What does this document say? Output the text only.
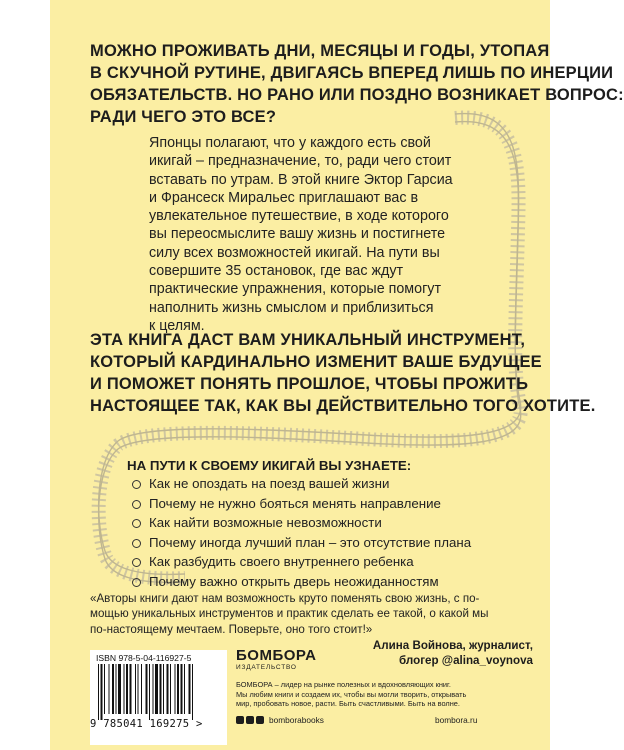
МОЖНО ПРОЖИВАТЬ ДНИ, МЕСЯЦЫ И ГОДЫ, УТОПАЯ
В СКУЧНОЙ РУТИНЕ, ДВИГАЯСЬ ВПЕРЕД ЛИШЬ ПО ИНЕРЦИИ
ОБЯЗАТЕЛЬСТВ. НО РАНО ИЛИ ПОЗДНО ВОЗНИКАЕТ ВОПРОС:
РАДИ ЧЕГО ЭТО ВСЕ?

Японцы полагают, что у каждого есть свой
икигай – предназначение, то, ради чего стоит
вставать по утрам. В этой книге Эктор Гарсиа
и Франсеск Миральес приглашают вас в
увлекательное путешествие, в ходе которого
вы переосмыслите вашу жизнь и постигнете
силу всех возможностей икигай. На пути вы
совершите 35 остановок, где вас ждут
практические упражнения, которые помогут
наполнить жизнь смыслом и приблизиться
к целям.

ЭТА КНИГА ДАСТ ВАМ УНИКАЛЬНЫЙ ИНСТРУМЕНТ,
КОТОРЫЙ КАРДИНАЛЬНО ИЗМЕНИТ ВАШЕ БУДУЩЕЕ
И ПОМОЖЕТ ПОНЯТЬ ПРОШЛОЕ, ЧТОБЫ ПРОЖИТЬ
НАСТОЯЩЕЕ ТАК, КАК ВЫ ДЕЙСТВИТЕЛЬНО ТОГО ХОТИТЕ.
НА ПУТИ К СВОЕМУ ИКИГАЙ ВЫ УЗНАЕТЕ:
Как не опоздать на поезд вашей жизни
Почему не нужно бояться менять направление
Как найти возможные невозможности
Почему иногда лучший план – это отсутствие плана
Как разбудить своего внутреннего ребенка
Почему важно открыть дверь неожиданностям

«Авторы книги дают нам возможность круто поменять свою жизнь, с по-
мощью уникальных инструментов и практик сделать ее такой, о какой мы
по-настоящему мечтаем. Поверьте, оно того стоит!»

Алина Войнова, журналист,
блогер @alina_voynova
ISBN 978-5-04-116927-5
9 785041 169275 >
БОМБОРА
ИЗДАТЕЛЬСТВО

БОМБОРА – лидер на рынке полезных и вдохновляющих книг.
Мы любим книги и создаем их, чтобы вы могли творить, открывать
мир, пробовать новое, расти. Быть счастливыми. Быть на волне.

bomborabooks	bombora.ru
